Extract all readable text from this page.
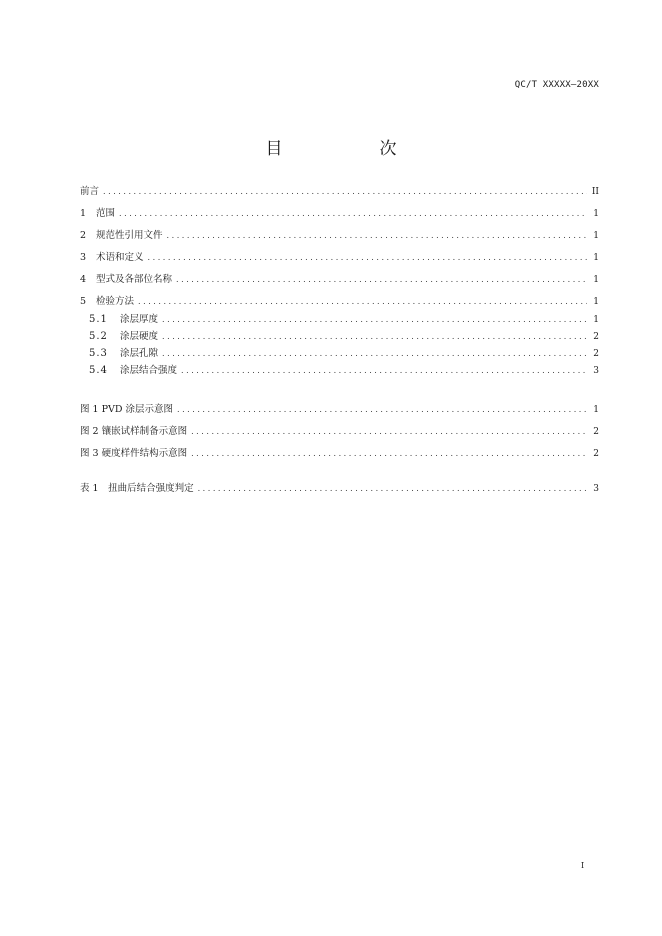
QC/T XXXXX—20XX
目　次
前言 . . .	II
1	范围 . . .	1
2	规范性引用文件 . . .	1
3	术语和定义 . . .	1
4	型式及各部位名称 . . .	1
5	检验方法 . . .	1
5.1	涂层厚度 . . .	1
5.2	涂层硬度 . . .	2
5.3	涂层孔隙 . . .	2
5.4	涂层结合强度 . . .	3
图 1 PVD 涂层示意图 . . .	1
图 2 镶嵌试样制备示意图 . . .	2
图 3 硬度样件结构示意图 . . .	2
表 1　扭曲后结合强度判定 . . .	3
I
